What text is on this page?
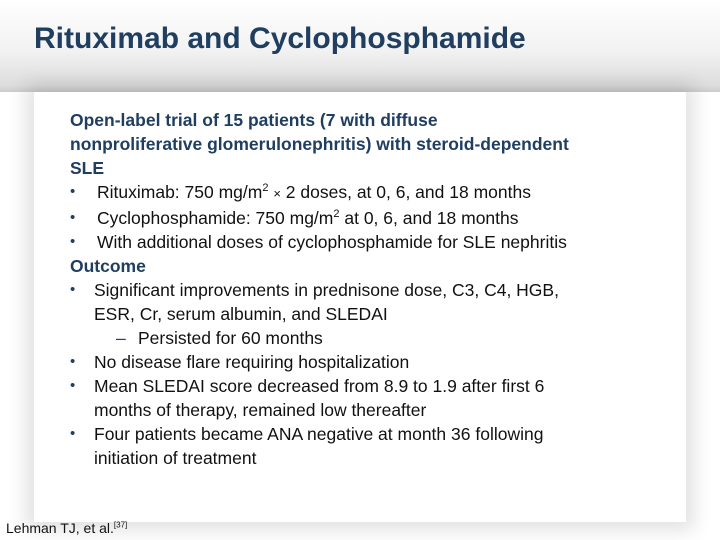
Rituximab and Cyclophosphamide
Open-label trial of 15 patients (7 with diffuse
nonproliferative glomerulonephritis) with steroid-dependent
SLE
•	Rituximab: 750 $mg/m^2 \times 2$ doses, at 0, 6, and 18 months
•	Cyclophosphamide: 750 $mg/m^2$ at 0, 6, and 18 months
•	With additional doses of cyclophosphamide for SLE nephritis
Outcome
•	Significant improvements in prednisone dose, C3, C4, HGB,
ESR, Cr, serum albumin, and SLEDAI
– Persisted for 60 months
•	No disease flare requiring hospitalization
•	Mean SLEDAI score decreased from 8.9 to 1.9 after first 6
months of therapy, remained low thereafter
•	Four patients became ANA negative at month 36 following
initiation of treatment
Lehman TJ, et al.[37]
